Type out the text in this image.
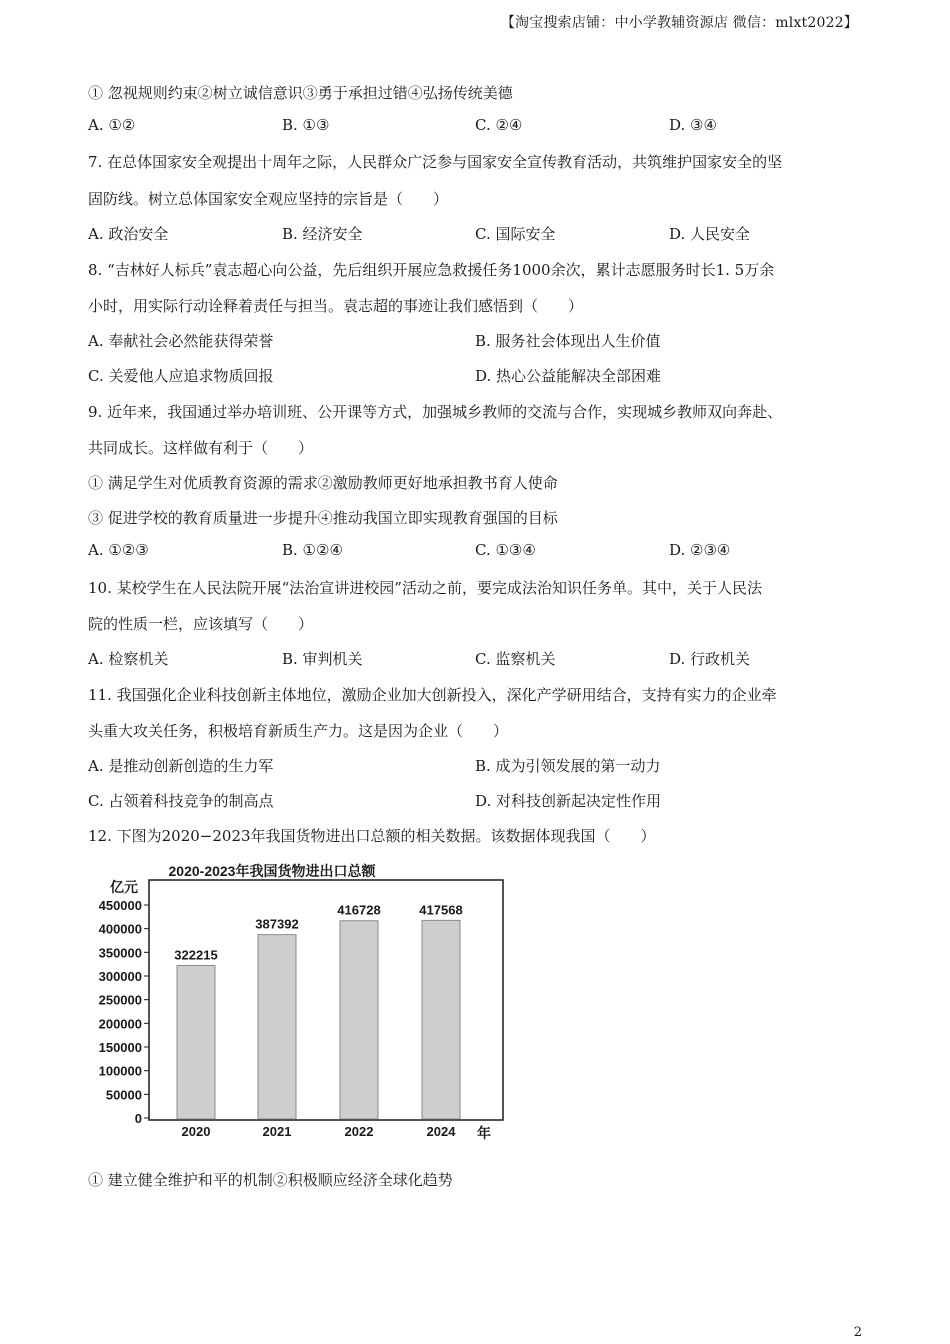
【淘宝搜索店铺：中小学教辅资源店 微信：mlxt2022】
① 忽视规则约束②树立诚信意识③勇于承担过错④弘扬传统美德
A. ①②	B. ①③	C. ②④	D. ③④
7. 在总体国家安全观提出十周年之际，人民群众广泛参与国家安全宣传教育活动，共筑维护国家安全的坚
固防线。树立总体国家安全观应坚持的宗旨是（　　）
A. 政治安全	B. 经济安全	C. 国际安全	D. 人民安全
8. “吉林好人标兵”袁志超心向公益，先后组织开展应急救援任务1000余次，累计志愿服务时长1. 5万余
小时，用实际行动诠释着责任与担当。袁志超的事迹让我们感悟到（　　）
A. 奉献社会必然能获得荣誉	B. 服务社会体现出人生价值
C. 关爱他人应追求物质回报	D. 热心公益能解决全部困难
9. 近年来，我国通过举办培训班、公开课等方式，加强城乡教师的交流与合作，实现城乡教师双向奔赴、
共同成长。这样做有利于（　　）
① 满足学生对优质教育资源的需求②激励教师更好地承担教书育人使命
③ 促进学校的教育质量进一步提升④推动我国立即实现教育强国的目标
A. ①②③	B. ①②④	C. ①③④	D. ②③④
10. 某校学生在人民法院开展“法治宣讲进校园”活动之前，要完成法治知识任务单。其中，关于人民法
院的性质一栏，应该填写（　　）
A. 检察机关	B. 审判机关	C. 监察机关	D. 行政机关
11. 我国强化企业科技创新主体地位，激励企业加大创新投入，深化产学研用结合，支持有实力的企业牵
头重大攻关任务，积极培育新质生产力。这是因为企业（　　）
A. 是推动创新创造的生力军	B. 成为引领发展的第一动力
C. 占领着科技竞争的制高点	D. 对科技创新起决定性作用
12. 下图为2020−2023年我国货物进出口总额的相关数据。该数据体现我国（　　）
2020-2023年我国货物进出口总额
亿元
0
50000
100000
150000
200000
250000
300000
350000
400000
450000
322215
2020
387392
2021
416728
2022
417568
2024 年
① 建立健全维护和平的机制②积极顺应经济全球化趋势
2
